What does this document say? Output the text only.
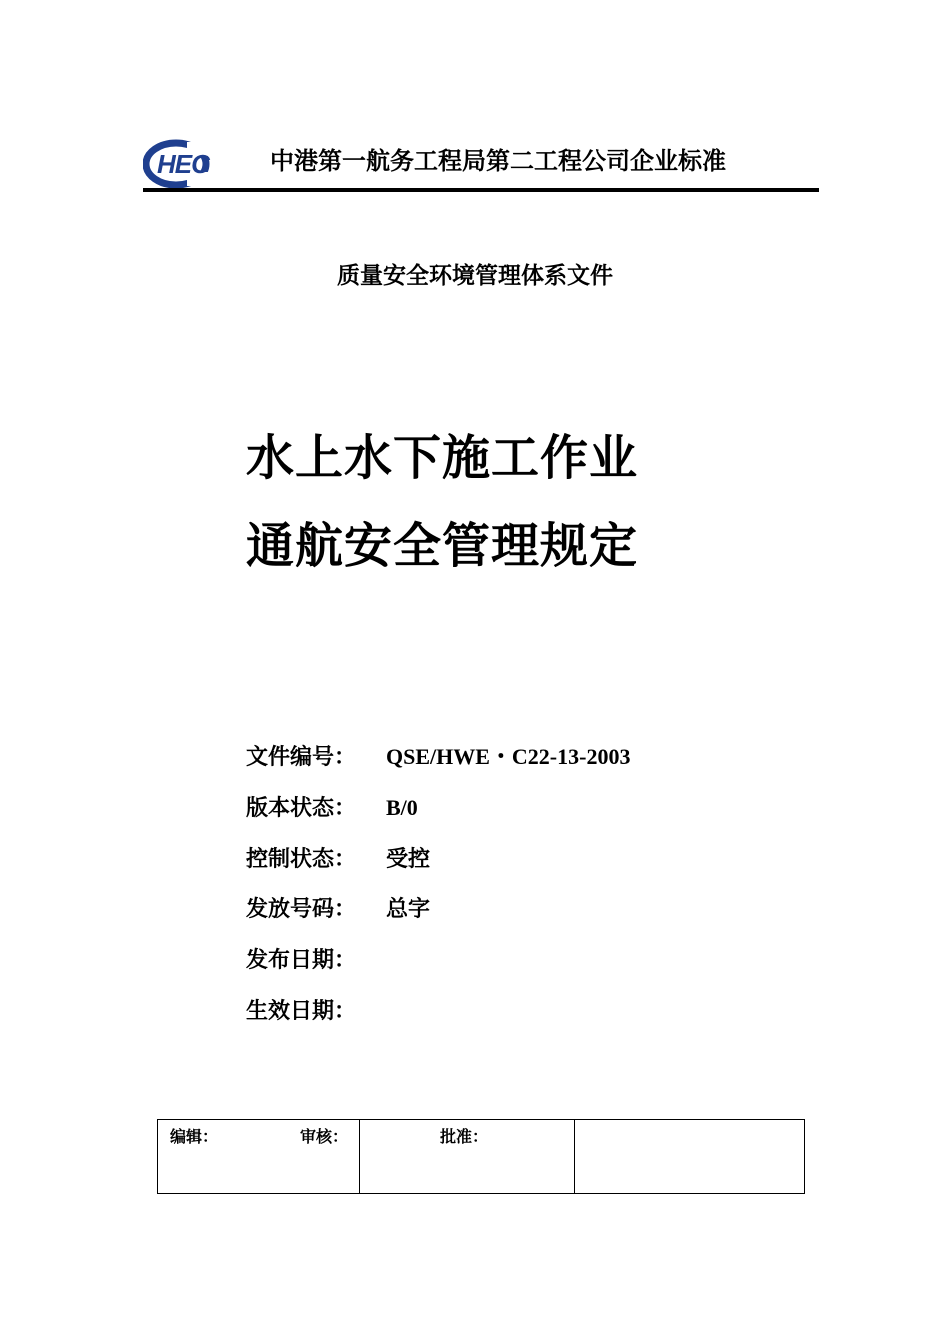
HEC	中港第一航务工程局第二工程公司企业标准
质量安全环境管理体系文件
水上水下施工作业
通航安全管理规定
文件编号： QSE/HWE・C22-13-2003
版本状态： B/0
控制状态： 受控
发放号码： 总字
发布日期：
生效日期：
编辑：	审核：	批准：
